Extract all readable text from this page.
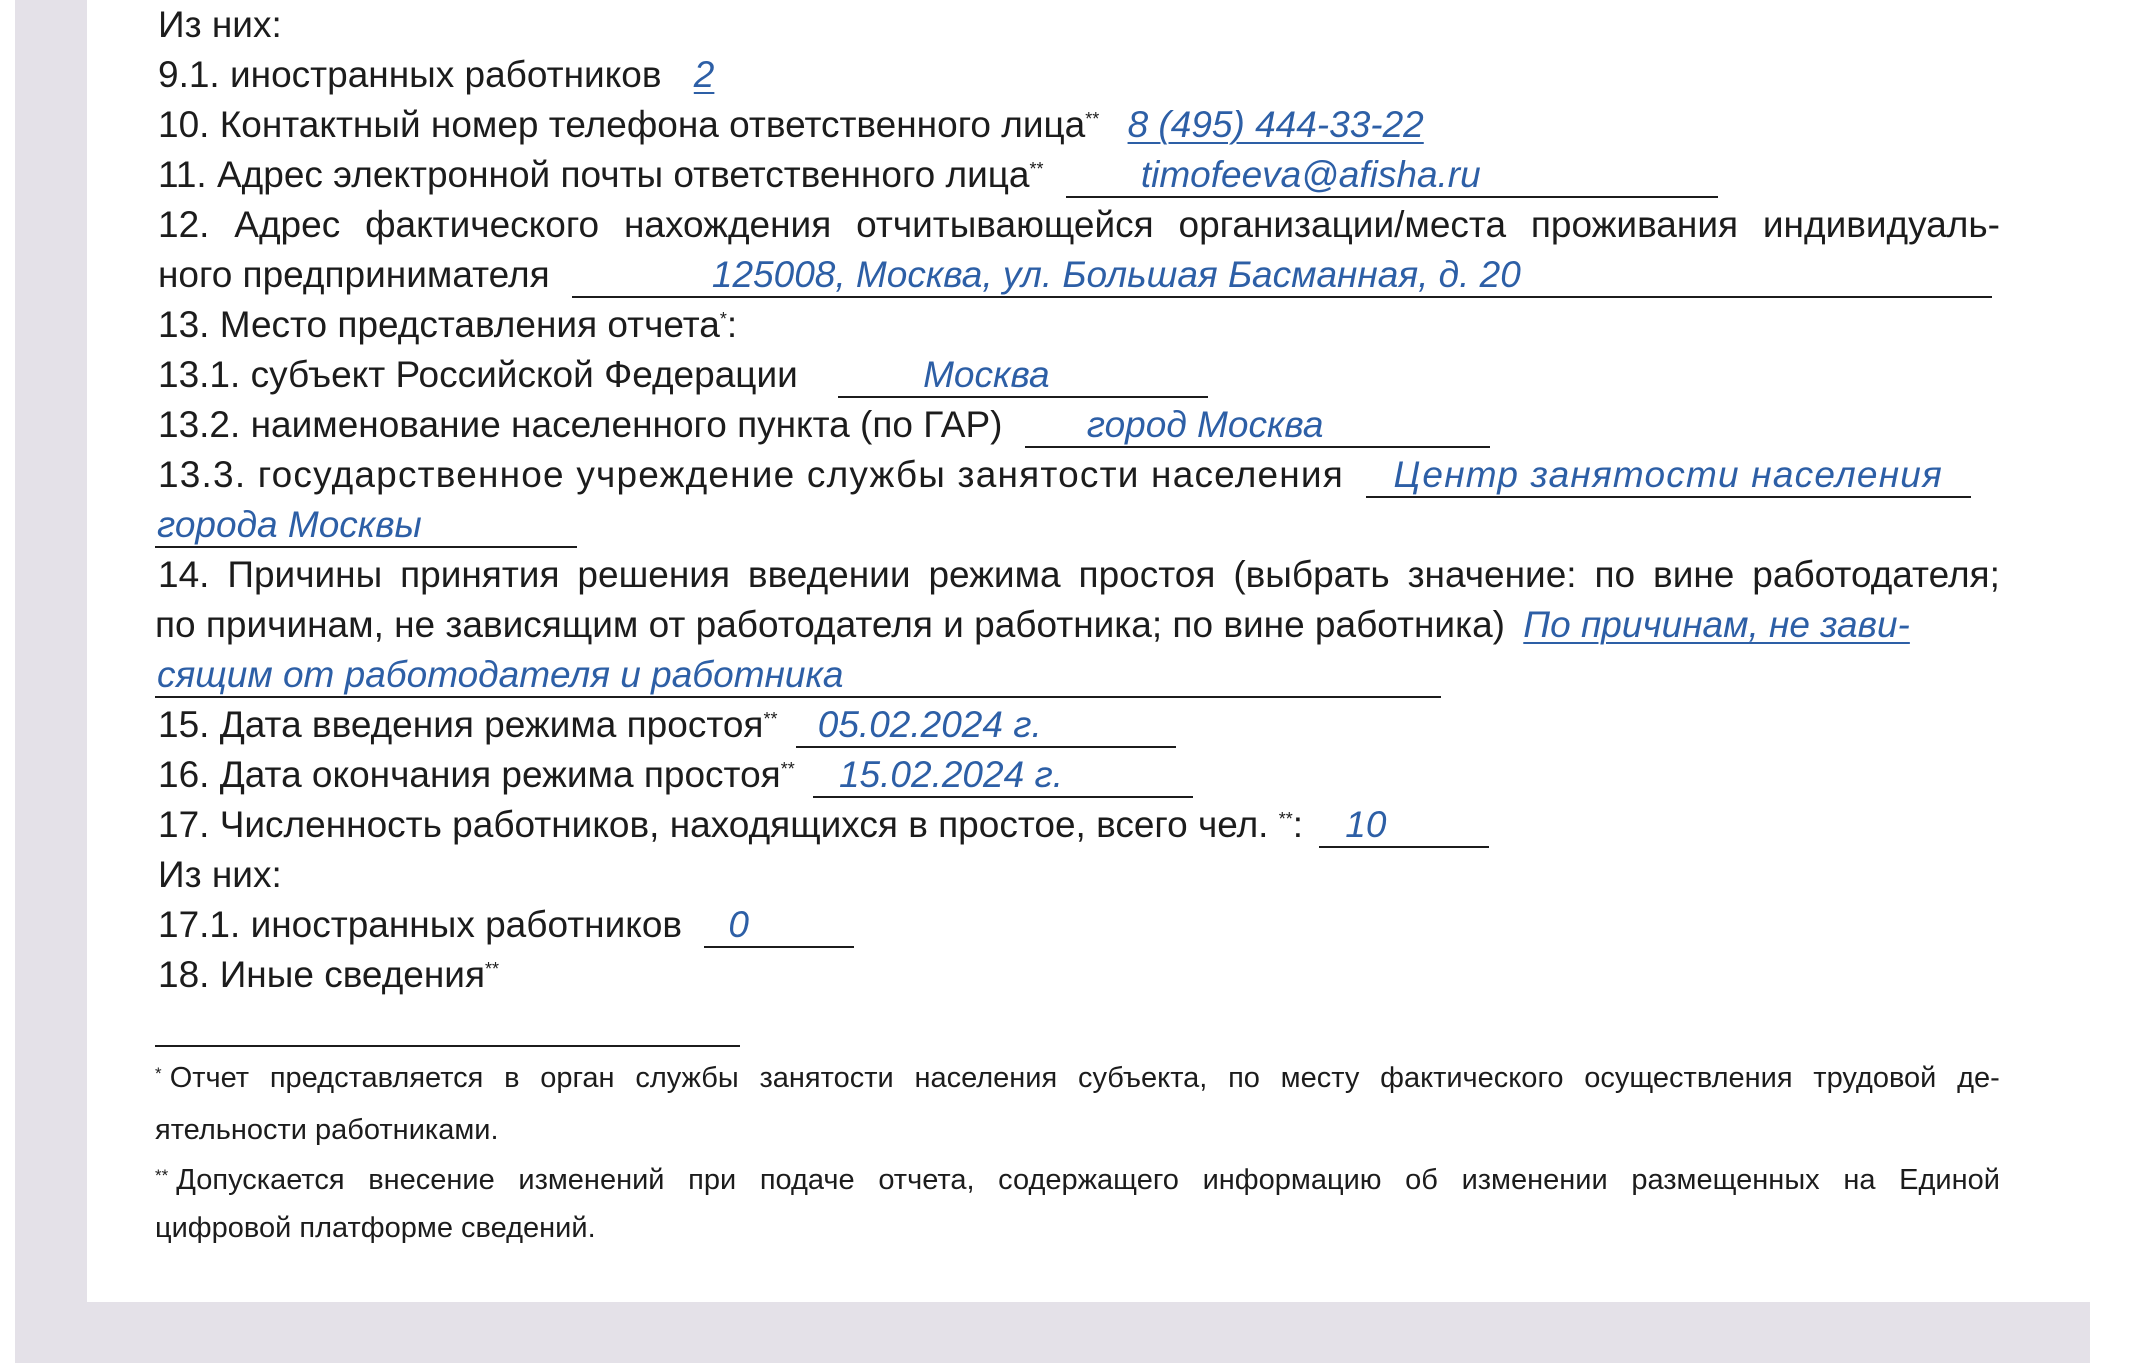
Из них:
9.1. иностранных работников 2
10. Контактный номер телефона ответственного лица** 8 (495) 444-33-22
11. Адрес электронной почты ответственного лица**	timofeeva@afisha.ru
12. Адрес фактического нахождения отчитывающейся организации/места проживания индивидуаль-
ного предпринимателя	125008, Москва, ул. Большая Басманная, д. 20
13. Место представления отчета*:
13.1. субъект Российской Федерации	Москва
13.2. наименование населенного пункта (по ГАР) город Москва
13.3. государственное учреждение службы занятости населения Центр занятости населения
города Москвы
14. Причины принятия решения введении режима простоя (выбрать значение: по вине работодателя;
по причинам, не зависящим от работодателя и работника; по вине работника) По причинам, не зави-
сящим от работодателя и работника
15. Дата введения режима простоя** 05.02.2024 г.
16. Дата окончания режима простоя** 15.02.2024 г.
17. Численность работников, находящихся в простое, всего чел. **: 10
Из них:
17.1. иностранных работников 0
18. Иные сведения**
* Отчет представляется в орган службы занятости населения субъекта, по месту фактического осуществления трудовой де-
ятельности работниками.
** Допускается внесение изменений при подаче отчета, содержащего информацию об изменении размещенных на Единой
цифровой платформе сведений.
